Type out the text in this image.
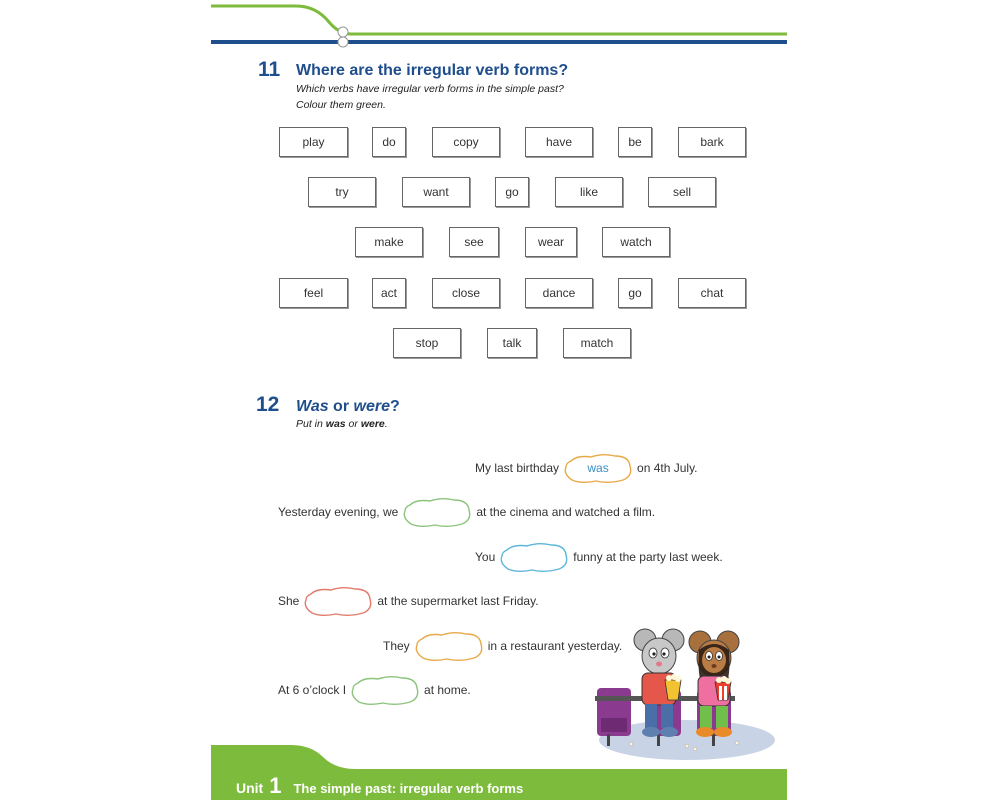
11 Where are the irregular verb forms?
Which verbs have irregular verb forms in the simple past?
Colour them green.
play	do	copy	have	be	bark
try	want	go	like	sell
make	see	wear	watch
feel	act	close	dance	go	chat
stop	talk	match
12 Was or were?
Put in was or were.
My last birthday	was	on 4th July.
Yesterday evening, we	at the cinema and watched a film.
You	funny at the party last week.
She	at the supermarket last Friday.
They	in a restaurant yesterday.
At 6 o’clock I	at home.
Unit 1 The simple past: irregular verb forms
